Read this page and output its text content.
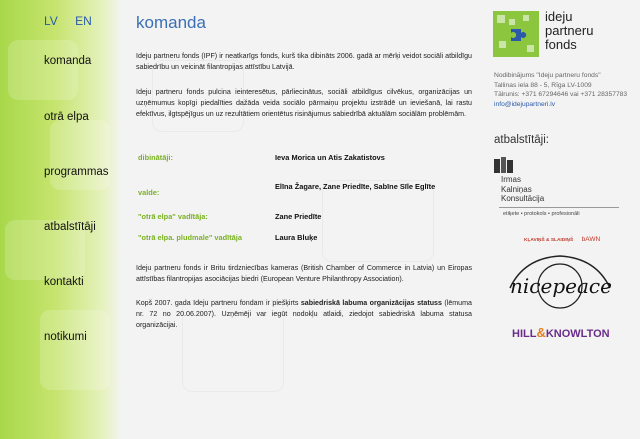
LV EN
komanda
otrā elpa
programmas
atbalstītāji
kontakti
notikumi
komanda
Ideju partneru fonds (IPF) ir neatkarīgs fonds, kurš tika dibināts 2006. gadā ar mērķi veidot sociāli atbildīgu sabiedrību un veicināt filantropijas attīstību Latvijā.
Ideju partneru fonds pulcina ieinteresētus, pārliecinātus, sociāli atbildīgus cilvēkus, organizācijas un uzņēmumus kopīgi piedalīties dažāda veida sociālo pārmaiņu projektu izstrādē un ieviešanā, lai rastu efektīvus, ilgtspējīgus un uz rezultātiem orientētus risinājumus sabiedrībā aktuālām sociālām problēmām.
dibinātāji:	Ieva Morica un Atis Zakatistovs
valde:
Elīna Žagare, Zane Priedīte, Sabīne Sīle Eglīte
"otrā elpa" vadītāja:	Zane Priedīte
"otrā elpa. pludmale" vadītāja	Laura Bluķe
Ideju partneru fonds ir Britu tirdzniecības kameras (British Chamber of Commerce in Latvia) un Eiropas attīstības filantropijas asociācijas biedri (European Venture Philanthropy Association).
Kopš 2007. gada Ideju partneru fondam ir piešķirts sabiedriskā labuma organizācijas statuss (lēmuma nr. 72 no 20.06.2007). Uzņēmēji var iegūt nodokļu atlaidi, ziedojot sabiedriskā labuma statusa organizācijai.
ideju
partneru
fonds
Nodibinājums "Ideju partneru fonds"
Tallinas iela 88 - 5, Rīga LV-1009
Tālrunis: +371 67294646 vai +371 28357783
info@idejupartneri.lv
atbalstītāji:
Irmas
Kalniņas
Konsultācija
etiķete • protokols • profesionāli
KĻAVIŅŠ & SLAIDIŅŠ bAWN
nicepeace
HILL&KNOWLTON
